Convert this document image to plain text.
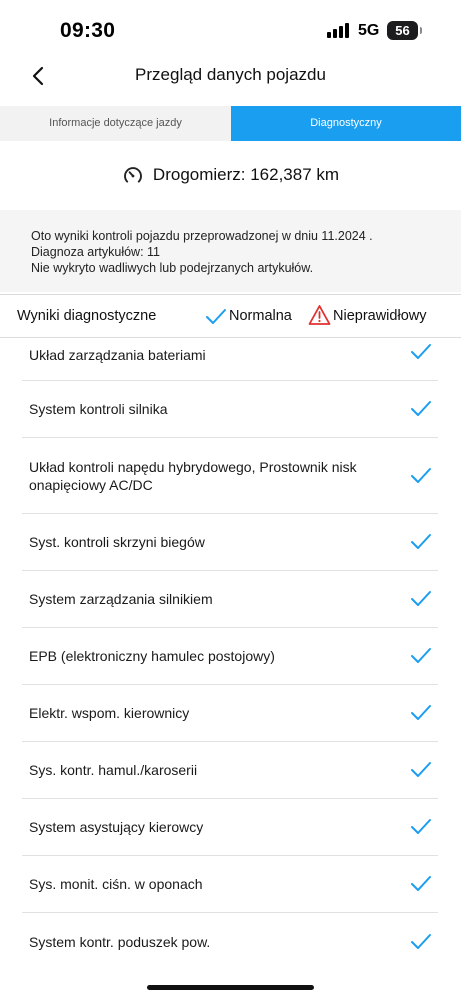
09:30	5G	56
Przegląd danych pojazdu
Informacje dotyczące jazdy	Diagnostyczny
Drogomierz: 162,387 km
Oto wyniki kontroli pojazdu przeprowadzonej w dniu 11.2024 .
Diagnoza artykułów: 11
Nie wykryto wadliwych lub podejrzanych artykułów.
Wyniki diagnostyczne	Normalna	Nieprawidłowy
Układ zarządzania bateriami
System kontroli silnika
Układ kontroli napędu hybrydowego, Prostownik nisk onapięciowy AC/DC
Syst. kontroli skrzyni biegów
System zarządzania silnikiem
EPB (elektroniczny hamulec postojowy)
Elektr. wspom. kierownicy
Sys. kontr. hamul./karoserii
System asystujący kierowcy
Sys. monit. ciśn. w oponach
System kontr. poduszek pow.
